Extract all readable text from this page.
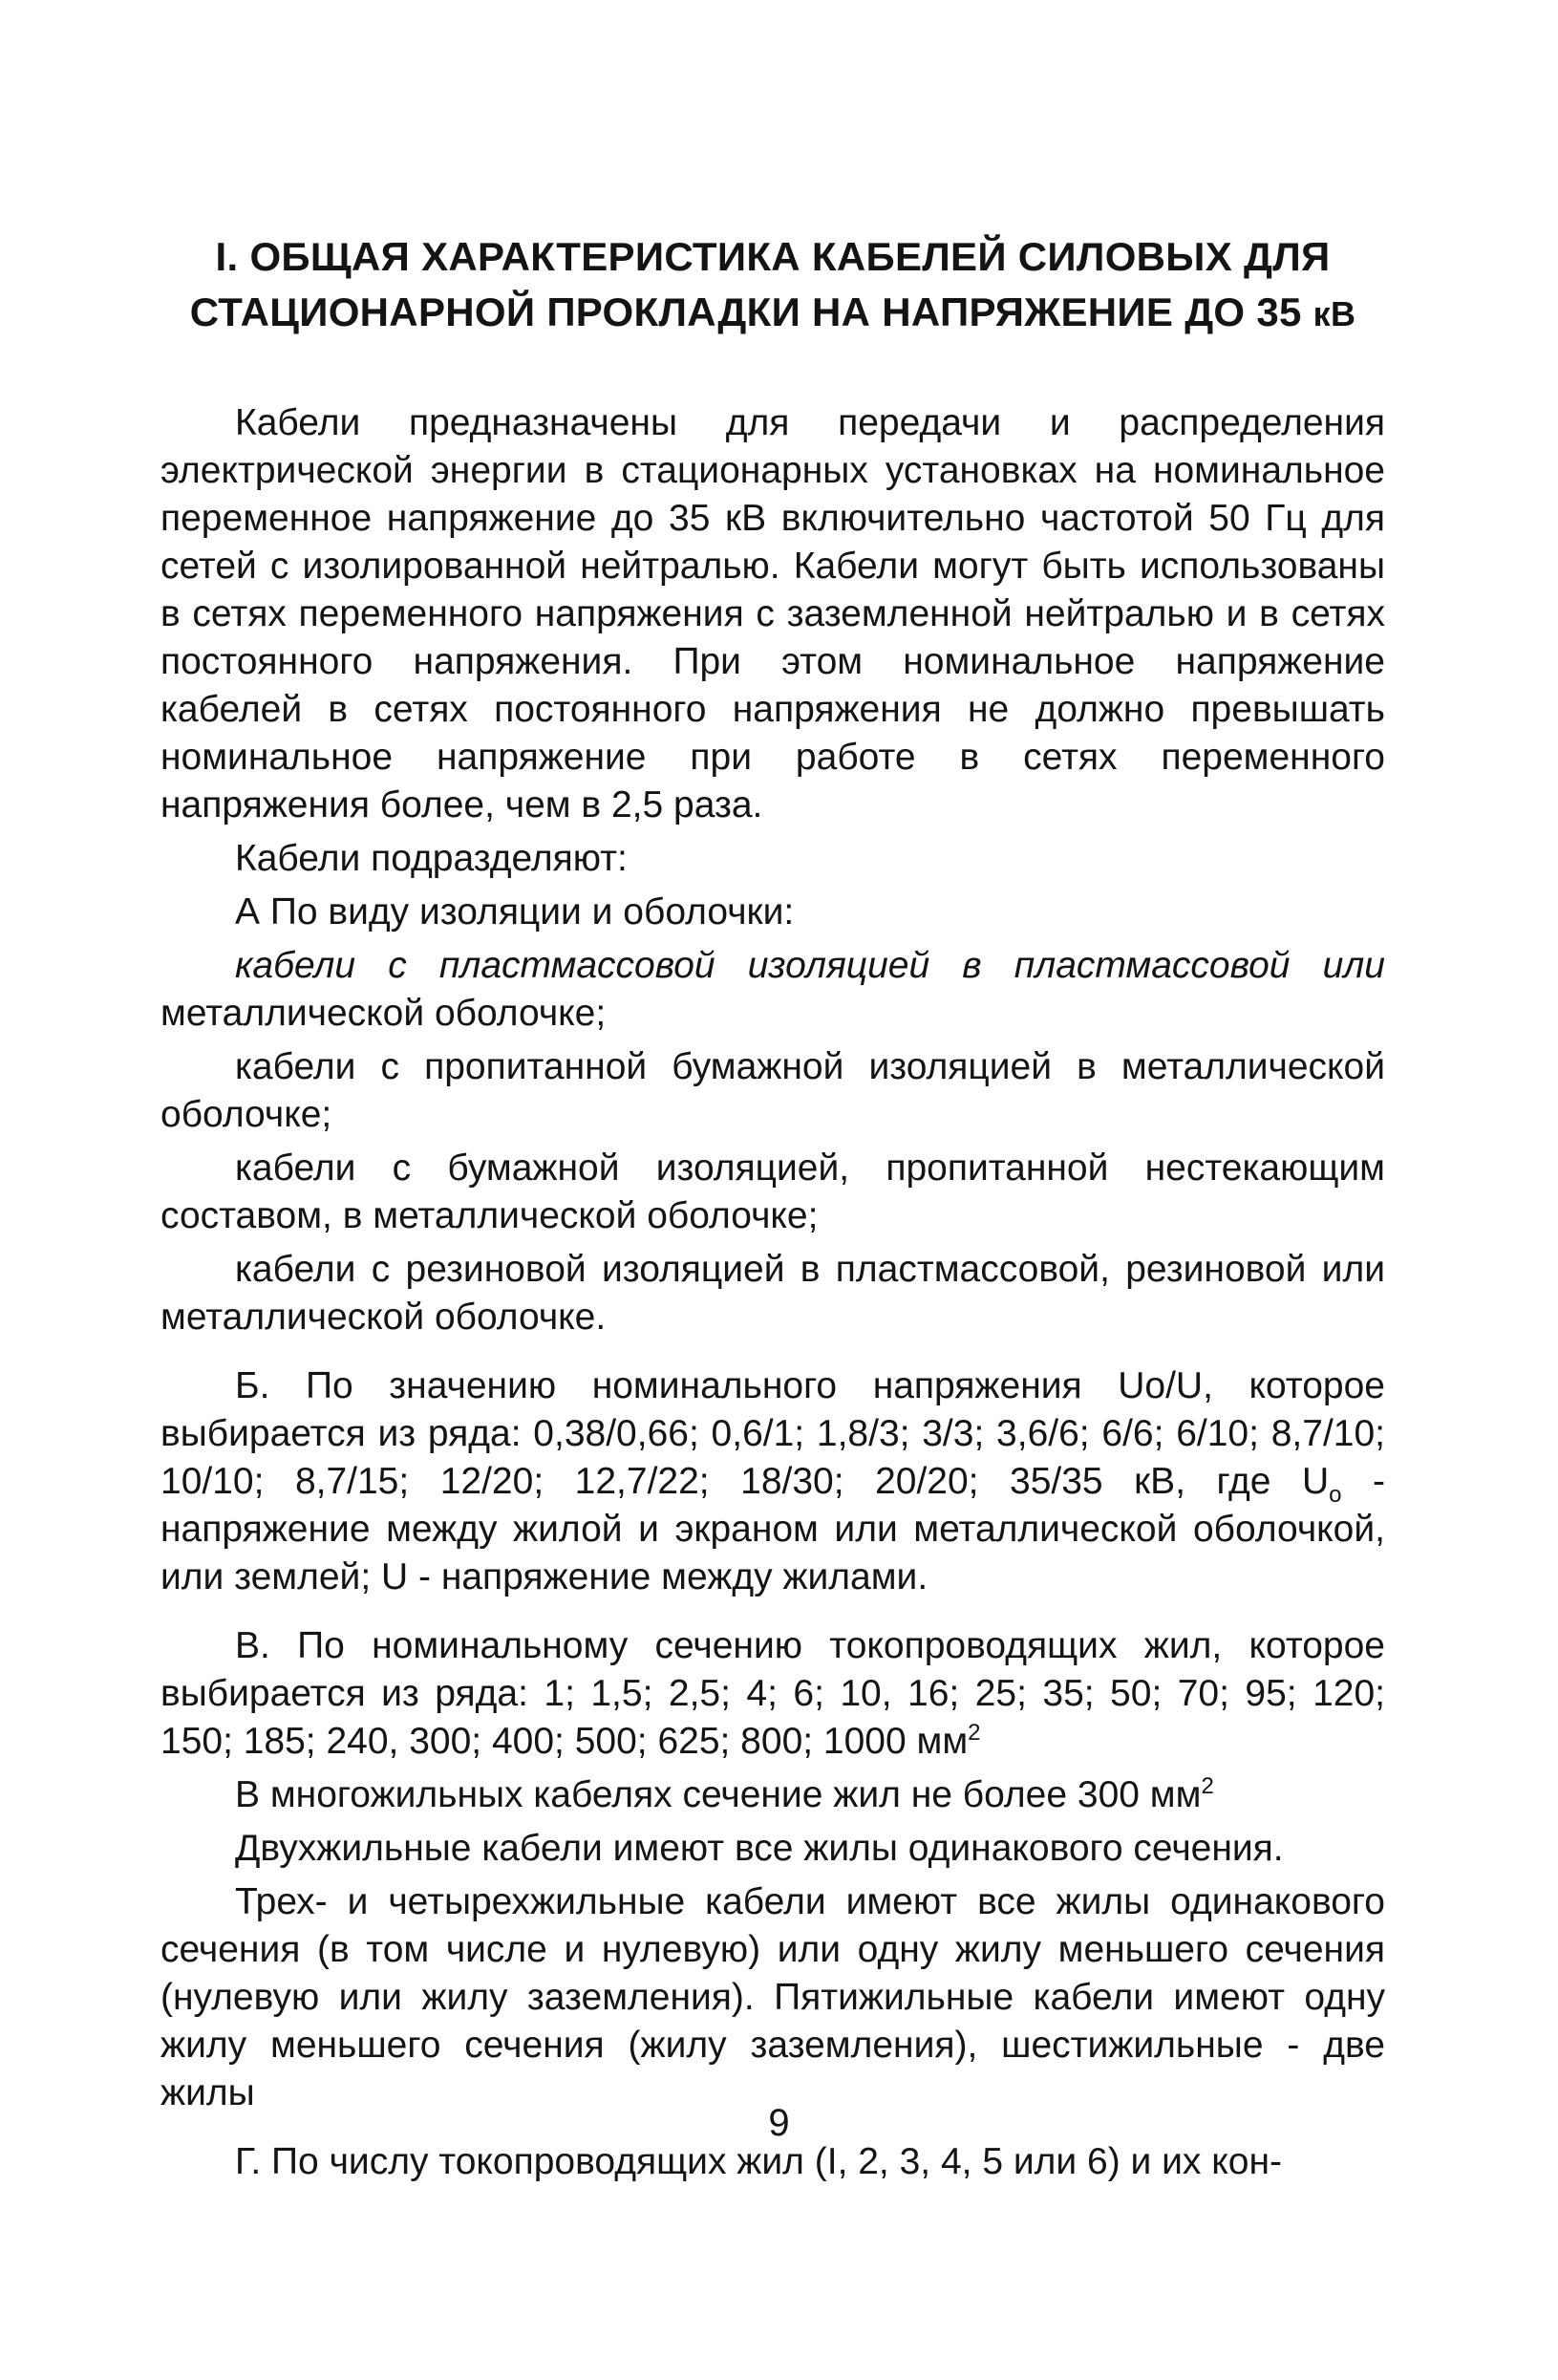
I. ОБЩАЯ ХАРАКТЕРИСТИКА КАБЕЛЕЙ СИЛОВЫХ ДЛЯ
СТАЦИОНАРНОЙ ПРОКЛАДКИ НА НАПРЯЖЕНИЕ ДО 35 кВ

Кабели предназначены для передачи и распределения электрической энергии в стационарных установках на номинальное переменное напряжение до 35 кВ включительно частотой 50 Гц для сетей с изолированной нейтралью. Кабели могут быть использованы в сетях переменного напряжения с заземленной нейтралью и в сетях постоянного напряжения. При этом номинальное напряжение кабелей в сетях постоянного напряжения не должно превышать номинальное напряжение при работе в сетях переменного напряжения более, чем в 2,5 раза.

Кабели подразделяют:

А По виду изоляции и оболочки:

кабели с пластмассовой изоляцией в пластмассовой или металлической оболочке;

кабели с пропитанной бумажной изоляцией в металлической оболочке;

кабели с бумажной изоляцией, пропитанной нестекающим составом, в металлической оболочке;

кабели с резиновой изоляцией в пластмассовой, резиновой или металлической оболочке.

Б. По значению номинального напряжения Uo/U, которое выбирается из ряда: 0,38/0,66; 0,6/1; 1,8/3; 3/3; 3,6/6; 6/6; 6/10; 8,7/10; 10/10; 8,7/15; 12/20; 12,7/22; 18/30; 20/20; 35/35 кВ, где $U_о$ - напряжение между жилой и экраном или металлической оболочкой, или землей; U - напряжение между жилами.

В. По номинальному сечению токопроводящих жил, которое выбирается из ряда: 1; 1,5; 2,5; 4; 6; 10, 16; 25; 35; 50; 70; 95; 120; 150; 185; 240, 300; 400; 500; 625; 800; 1000 $мм^2$

В многожильных кабелях сечение жил не более 300 $мм^2$

Двухжильные кабели имеют все жилы одинакового сечения.

Трех- и четырехжильные кабели имеют все жилы одинакового сечения (в том числе и нулевую) или одну жилу меньшего сечения (нулевую или жилу заземления). Пятижильные кабели имеют одну жилу меньшего сечения (жилу заземления), шестижильные - две жилы

Г. По числу токопроводящих жил (I, 2, 3, 4, 5 или 6) и их кон-

9
